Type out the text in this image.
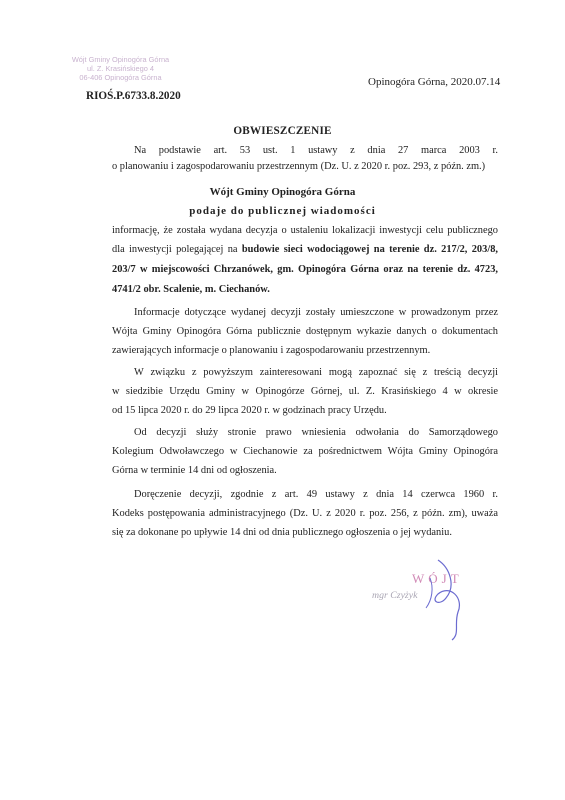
Wójt Gminy Opinogóra Górna
ul. Z. Krasińskiego 4
06-406 Opinogóra Górna
RIOŚ.P.6733.8.2020
Opinogóra Górna, 2020.07.14
OBWIESZCZENIE
Na podstawie art. 53 ust. 1 ustawy z dnia 27 marca 2003 r.
o planowaniu i zagospodarowaniu przestrzennym (Dz. U. z 2020 r. poz. 293, z późn. zm.)
Wójt Gminy Opinogóra Górna
podaje do publicznej wiadomości
informację, że została wydana decyzja o ustaleniu lokalizacji inwestycji celu publicznego
dla inwestycji polegającej na budowie sieci wodociągowej na terenie dz. 217/2, 203/8,
203/7 w miejscowości Chrzanówek, gm. Opinogóra Górna oraz na terenie dz. 4723,
4741/2 obr. Scalenie, m. Ciechanów.
Informacje dotyczące wydanej decyzji zostały umieszczone w prowadzonym przez
Wójta Gminy Opinogóra Górna publicznie dostępnym wykazie danych o dokumentach
zawierających informacje o planowaniu i zagospodarowaniu przestrzennym.
W związku z powyższym zainteresowani mogą zapoznać się z treścią decyzji
w siedzibie Urzędu Gminy w Opinogórze Górnej, ul. Z. Krasińskiego 4 w okresie
od 15 lipca 2020 r. do 29 lipca 2020 r. w godzinach pracy Urzędu.
Od decyzji służy stronie prawo wniesienia odwołania do Samorządowego
Kolegium Odwoławczego w Ciechanowie za pośrednictwem Wójta Gminy Opinogóra
Górna w terminie 14 dni od ogłoszenia.
Doręczenie decyzji, zgodnie z art. 49 ustawy z dnia 14 czerwca 1960 r.
Kodeks postępowania administracyjnego (Dz. U. z 2020 r. poz. 256, z późn. zm), uważa
się za dokonane po upływie 14 dni od dnia publicznego ogłoszenia o jej wydaniu.
WÓJT
mgr Czyżyk
